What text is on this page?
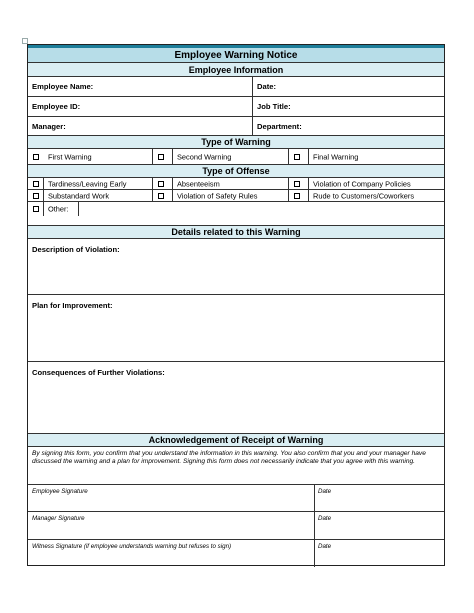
Employee Warning Notice
Employee Information
Employee Name:	Date:
Employee ID:	Job Title:
Manager:	Department:
Type of Warning
First Warning	Second Warning	Final Warning
Type of Offense
Tardiness/Leaving Early	Absenteeism	Violation of Company Policies
Substandard Work	Violation of Safety Rules	Rude to Customers/Coworkers
Other:
Details related to this Warning
Description of Violation:
Plan for Improvement:
Consequences of Further Violations:
Acknowledgement of Receipt of Warning
By signing this form, you confirm that you understand the information in this warning. You also confirm that you and your manager have discussed the warning and a plan for improvement. Signing this form does not necessarily indicate that you agree with this warning.
Employee Signature	Date
Manager Signature	Date
Witness Signature (if employee understands warning but refuses to sign)	Date
